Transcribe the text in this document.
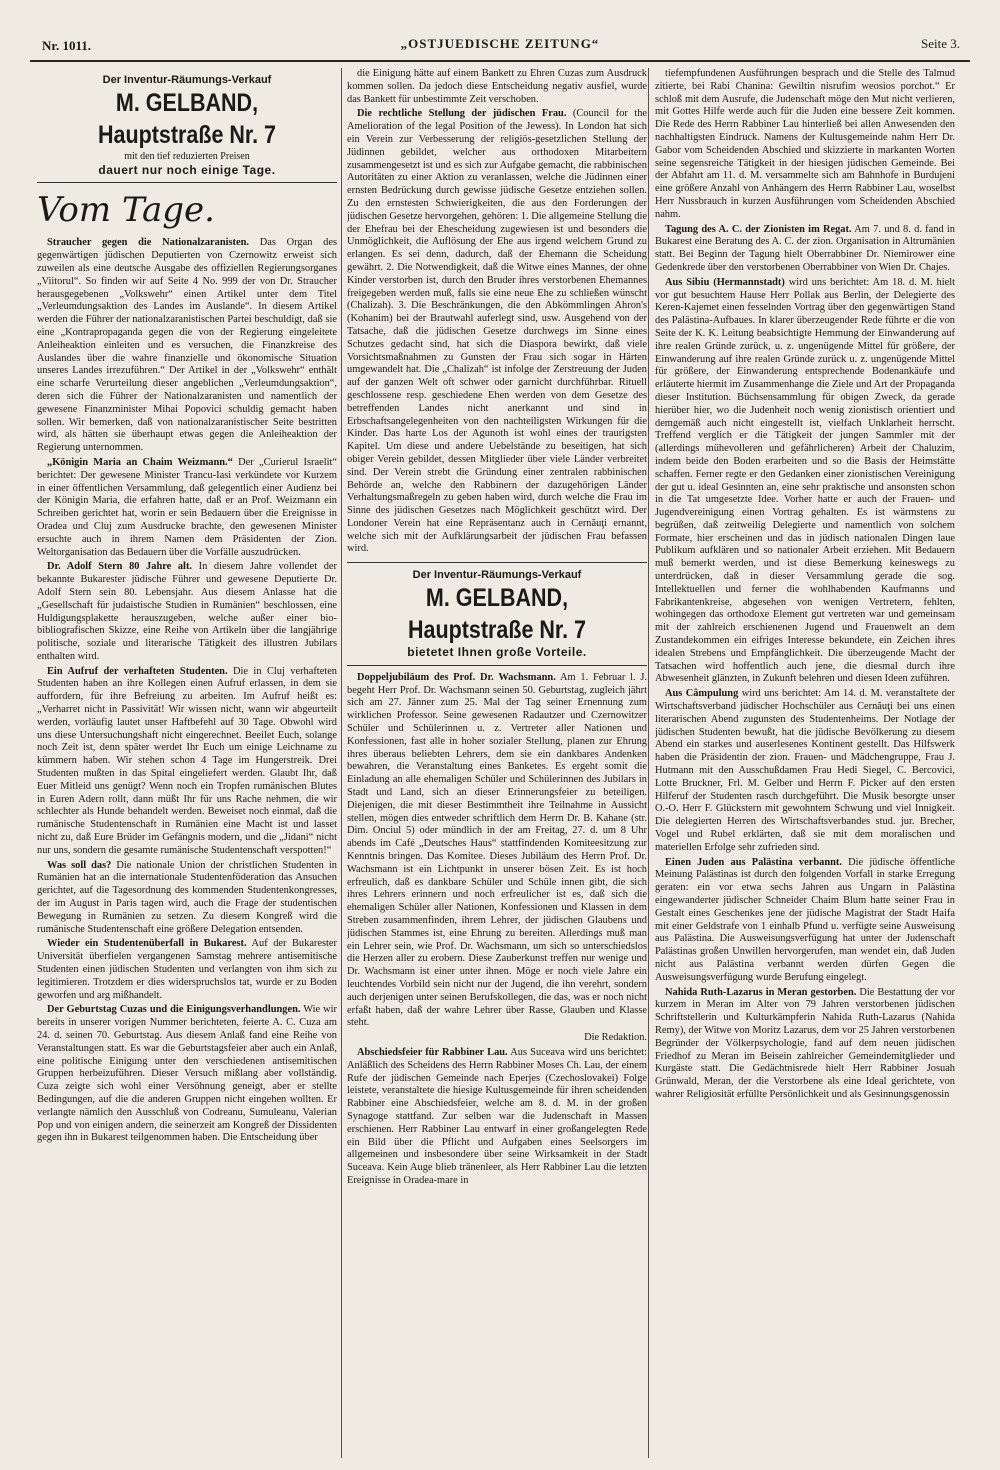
Nr. 1011.	„OSTJUEDISCHE ZEITUNG“	Seite 3.
Der Inventur-Räumungs-Verkauf
M. GELBAND, Hauptstraße Nr. 7
mit den tief reduzierten Preisen
dauert nur noch einige Tage.
Vom Tage.

Straucher gegen die Nationalzaranisten. Das Organ des gegenwärtigen jüdischen Deputierten von Czernowitz erweist sich zuweilen als eine deutsche Ausgabe des offiziellen Regierungsorganes „Viitorul“. So finden wir auf Seite 4 No. 999 der von Dr. Straucher herausgegebenen „Volkswehr“ einen Artikel unter dem Titel „Verleumdungsaktion des Landes im Auslande“. In diesem Artikel werden die Führer der nationalzaranistischen Partei beschuldigt, daß sie eine „Kontrapropaganda gegen die von der Regierung eingeleitete Anleiheaktion einleiten und es versuchen, die Finanzkreise des Auslandes über die wahre finanzielle und ökonomische Situation unseres Landes irrezuführen.“ Der Artikel in der „Volkswehr“ enthält eine scharfe Verurteilung dieser angeblichen „Verleumdungsaktion“, deren sich die Führer der Nationalzaranisten und namentlich der gewesene Finanzminister Mihai Popovici schuldig gemacht haben sollen. Wir bemerken, daß von nationalzaranistischer Seite bestritten wird, als hätten sie überhaupt etwas gegen die Anleiheaktion der Regierung unternommen.

„Königin Maria an Chaim Weizmann.“ Der „Curierul Israelit“ berichtet: Der gewesene Minister Trancu-Iasi verkündete vor Kurzem in einer öffentlichen Versammlung, daß gelegentlich einer Audienz bei der Königin Maria, die erfahren hatte, daß er an Prof. Weizmann ein Schreiben gerichtet hat, worin er sein Bedauern über die Ereignisse in Oradea und Cluj zum Ausdrucke brachte, den gewesenen Minister ersuchte auch in ihrem Namen dem Präsidenten der Zion. Weltorganisation das Bedauern über die Vorfälle auszudrücken.

Dr. Adolf Stern 80 Jahre alt. In diesem Jahre vollendet der bekannte Bukarester jüdische Führer und gewesene Deputierte Dr. Adolf Stern sein 80. Lebensjahr. Aus diesem Anlasse hat die „Gesellschaft für judaistische Studien in Rumänien“ beschlossen, eine Huldigungsplakette herauszugeben, welche außer einer bio-bibliografischen Skizze, eine Reihe von Artikeln über die langjährige politische, soziale und literarische Tätigkeit des illustren Jubilars enthalten wird.

Ein Aufruf der verhafteten Studenten. Die in Cluj verhafteten Studenten haben an ihre Kollegen einen Aufruf erlassen, in dem sie auffordern, für ihre Befreiung zu arbeiten. Im Aufruf heißt es: „Verharret nicht in Passivität! Wir wissen nicht, wann wir abgeurteilt werden, vorläufig lautet unser Haftbefehl auf 30 Tage. Obwohl wird uns diese Untersuchungshaft nicht eingerechnet. Beeilet Euch, solange noch Zeit ist, denn später werdet Ihr Euch um einige Leichname zu kümmern haben. Wir stehen schon 4 Tage im Hungerstreik. Drei Studenten mußten in das Spital eingeliefert werden. Glaubt Ihr, daß Euer Mitleid uns genügt? Wenn noch ein Tropfen rumänischen Blutes in Euren Adern rollt, dann müßt Ihr für uns Rache nehmen, die wir schlechter als Hunde behandelt werden. Beweiset noch einmal, daß die rumänische Studentenschaft in Rumänien eine Macht ist und lasset nicht zu, daß Eure Brüder im Gefängnis modern, und die „Jidani“ nicht nur uns, sondern die gesamte rumänische Studentenschaft verspotten!“

Was soll das? Die nationale Union der christlichen Studenten in Rumänien hat an die internationale Studentenföderation das Ansuchen gerichtet, auf die Tagesordnung des kommenden Studentenkongresses, der im August in Paris tagen wird, auch die Frage der studentischen Bewegung in Rumänien zu setzen. Zu diesem Kongreß wird die rumänische Studentenschaft eine größere Delegation entsenden.

Wieder ein Studentenüberfall in Bukarest. Auf der Bukarester Universität überfielen vergangenen Samstag mehrere antisemitische Studenten einen jüdischen Studenten und verlangten von ihm sich zu legitimieren. Trotzdem er dies widerspruchslos tat, wurde er zu Boden geworfen und arg mißhandelt.

Der Geburtstag Cuzas und die Einigungsverhandlungen. Wie wir bereits in unserer vorigen Nummer berichteten, feierte A. C. Cuza am 24. d. seinen 70. Geburtstag. Aus diesem Anlaß fand eine Reihe von Veranstaltungen statt. Es war die Geburtstagsfeier aber auch ein Anlaß, eine politische Einigung unter den verschiedenen antisemitischen Gruppen herbeizuführen. Dieser Versuch mißlang aber vollständig. Cuza zeigte sich wohl einer Versöhnung geneigt, aber er stellte Bedingungen, auf die die anderen Gruppen nicht eingehen wollten. Er verlangte nämlich den Ausschluß von Codreanu, Sumuleanu, Valerian Pop und von einigen andern, die seinerzeit am Kongreß der Dissidenten gegen ihn in Bukarest teilgenommen haben. Die Entscheidung über

die Einigung hätte auf einem Bankett zu Ehren Cuzas zum Ausdruck kommen sollen. Da jedoch diese Entscheidung negativ ausfiel, wurde das Bankett für unbestimmte Zeit verschoben.

Die rechtliche Stellung der jüdischen Frau. (Council for the Amelioration of the legal Position of the Jewess). In London hat sich ein Verein zur Verbesserung der religiös-gesetzlichen Stellung der Jüdinnen gebildet, welcher aus orthodoxen Mitarbeitern zusammengesetzt ist und es sich zur Aufgabe gemacht, die rabbinischen Autoritäten zu einer Aktion zu veranlassen, welche die Jüdinnen einer ernsten Bedrückung durch gewisse jüdische Gesetze entziehen sollen. Zu den ernstesten Schwierigkeiten, die aus den Forderungen der jüdischen Gesetze hervorgehen, gehören: 1. Die allgemeine Stellung die der Ehefrau bei der Ehescheidung zugewiesen ist und besonders die Unmöglichkeit, die Auflösung der Ehe aus irgend welchem Grund zu erlangen. Es sei denn, dadurch, daß der Ehemann die Scheidung gewährt. 2. Die Notwendigkeit, daß die Witwe eines Mannes, der ohne Kinder verstorben ist, durch den Bruder ihres verstorbenen Ehemannes freigegeben werden muß, falls sie eine neue Ehe zu schließen wünscht (Chalizah). 3. Die Beschränkungen, die den Abkömmlingen Ahron's (Kohanim) bei der Brautwahl auferlegt sind, usw. Ausgehend von der Tatsache, daß die jüdischen Gesetze durchwegs im Sinne eines Schutzes gedacht sind, hat sich die Diaspora bewirkt, daß viele Vorsichtsmaßnahmen zu Gunsten der Frau sich sogar in Härten umgewandelt hat. Die „Chalizah“ ist infolge der Zerstreuung der Juden auf der ganzen Welt oft schwer oder garnicht durchführbar. Rituell geschlossene resp. geschiedene Ehen werden von dem Gesetze des betreffenden Landes nicht anerkannt und sind in Erbschaftsangelegenheiten von den nachteiligsten Wirkungen für die Kinder. Das harte Los der Agunoth ist wohl eines der traurigsten Kapitel. Um diese und andere Uebelstände zu beseitigen, hat sich obiger Verein gebildet, dessen Mitglieder über viele Länder verbreitet sind. Der Verein strebt die Gründung einer zentralen rabbinischen Behörde an, welche den Rabbinern der dazugehörigen Länder Verhaltungsmaßregeln zu geben haben wird, durch welche die Frau im Sinne des jüdischen Gesetzes nach Möglichkeit geschützt wird. Der Londoner Verein hat eine Repräsentanz auch in Cernăuţi ernannt, welche sich mit der Aufklärungsarbeit der jüdischen Frau befassen wird.

Der Inventur-Räumungs-Verkauf
M. GELBAND, Hauptstraße Nr. 7
bietetet Ihnen große Vorteile.

Doppeljubiläum des Prof. Dr. Wachsmann. Am 1. Februar l. J. begeht Herr Prof. Dr. Wachsmann seinen 50. Geburtstag, zugleich jährt sich am 27. Jänner zum 25. Mal der Tag seiner Ernennung zum wirklichen Professor. Seine gewesenen Radautzer und Czernowitzer Schüler und Schülerinnen u. z. Vertreter aller Nationen und Konfessionen, fast alle in hoher sozialer Stellung, planen zur Ehrung ihres überaus beliebten Lehrers, dem sie ein dankbares Andenken bewahren, die Veranstaltung eines Banketes. Es ergeht somit die Einladung an alle ehemaligen Schüler und Schülerinnen des Jubilars in Stadt und Land, sich an dieser Erinnerungsfeier zu beteiligen. Diejenigen, die mit dieser Bestimmtheit ihre Teilnahme in Aussicht stellen, mögen dies entweder schriftlich dem Herrn Dr. B. Kahane (str. Dim. Onciul 5) oder mündlich in der am Freitag, 27. d. um 8 Uhr abends im Café „Deutsches Haus“ stattfindenden Komiteesitzung zur Kenntnis bringen. Das Komitee. Dieses Jubiläum des Herrn Prof. Dr. Wachsmann ist ein Lichtpunkt in unserer bösen Zeit. Es ist hoch erfreulich, daß es dankbare Schüler und Schüle innen gibt, die sich ihres Lehrers erinnern und noch erfreulicher ist es, daß sich die ehemaligen Schüler aller Nationen, Konfessionen und Klassen in dem Streben zusammenfinden, ihrem Lehrer, der jüdischen Glaubens und jüdischen Stammes ist, eine Ehrung zu bereiten. Allerdings muß man ein Lehrer sein, wie Prof. Dr. Wachsmann, um sich so unterschiedslos die Herzen aller zu erobern. Diese Zauberkunst treffen nur wenige und Dr. Wachsmann ist einer unter ihnen. Möge er noch viele Jahre ein leuchtendes Vorbild sein nicht nur der Jugend, die ihn verehrt, sondern auch derjenigen unter seinen Berufskollegen, die das, was er noch nicht erfaßt haben, daß der wahre Lehrer über Rasse, Glauben und Klasse steht.

Die Redaktion.

Abschiedsfeier für Rabbiner Lau. Aus Suceava wird uns berichtet: Anläßlich des Scheidens des Herrn Rabbiner Moses Ch. Lau, der einem Rufe der jüdischen Gemeinde nach Eperjes (Czechoslovakei) Folge leistete, veranstaltete die hiesige Kultusgemeinde für ihren scheidenden Rabbiner eine Abschiedsfeier, welche am 8. d. M. in der großen Synagoge stattfand. Zur selben war die Judenschaft in Massen erschienen. Herr Rabbiner Lau entwarf in einer großangelegten Rede ein Bild über die Pflicht und Aufgaben eines Seelsorgers im allgemeinen und insbesondere über seine Wirksamkeit in der Stadt Suceava. Kein Auge blieb tränenleer, als Herr Rabbiner Lau die letzten Ereignisse in Oradea-mare in

tiefempfundenen Ausführungen besprach und die Stelle des Talmud zitierte, bei Rabi Chanina: Gewiltin nisrufim weosios porchot.“ Er schloß mit dem Ausrufe, die Judenschaft möge den Mut nicht verlieren, mit Gottes Hilfe werde auch für die Juden eine bessere Zeit kommen. Die Rede des Herrn Rabbiner Lau hinterließ bei allen Anwesenden den nachhaltigsten Eindruck. Namens der Kultusgemeinde nahm Herr Dr. Gabor vom Scheidenden Abschied und skizzierte in markanten Worten seine segensreiche Tätigkeit in der hiesigen jüdischen Gemeinde. Bei der Abfahrt am 11. d. M. versammelte sich am Bahnhofe in Burdujeni eine größere Anzahl von Anhängern des Herrn Rabbiner Lau, woselbst Herr Nussbrauch in kurzen Ausführungen vom Scheidenden Abschied nahm.

Tagung des A. C. der Zionisten im Regat. Am 7. und 8. d. fand in Bukarest eine Beratung des A. C. der zion. Organisation in Altrumänien statt. Bei Beginn der Tagung hielt Oberrabbiner Dr. Niemirower eine Gedenkrede über den verstorbenen Oberrabbiner von Wien Dr. Chajes.

Aus Sibiu (Hermannstadt) wird uns berichtet: Am 18. d. M. hielt vor gut besuchtem Hause Herr Pollak aus Berlin, der Delegierte des Keren-Kajemet einen fesselnden Vortrag über den gegenwärtigen Stand des Palästina-Aufbaues. In klarer überzeugender Rede führte er die von Seite der K. K. Leitung beabsichtigte Hemmung der Einwanderung auf ihre realen Gründe zurück, u. z. ungenügende Mittel für größere, der Einwanderung auf ihre realen Gründe zurück u. z. ungenügende Mittel für größere, der Einwanderung entsprechende Bodenankäufe und erläuterte hiermit im Zusammenhange die Ziele und Art der Propaganda dieser Institution. Büchsensammlung für obigen Zweck, da gerade hierüber hier, wo die Judenheit noch wenig zionistisch orientiert und demgemäß auch nicht eingestellt ist, vielfach Unklarheit herrscht. Treffend verglich er die Tätigkeit der jungen Sammler mit der (allerdings mühevolleren und gefährlicheren) Arbeit der Chaluzim, indem beide den Boden erarbeiten und so die Basis der Heimstätte schaffen. Ferner regte er den Gedanken einer zionistischen Vereinigung der gut u. ideal Gesinnten an, eine sehr praktische und ansonsten schon in die Tat umgesetzte Idee. Vorher hatte er auch der Frauen- und Jugendvereinigung einen Vortrag gehalten. Es ist wärmstens zu begrüßen, daß zeitweilig Delegierte und namentlich von solchem Formate, hier erscheinen und das in jüdisch nationalen Dingen laue Publikum aufklären und so nationaler Arbeit erziehen. Mit Bedauern muß bemerkt werden, und ist diese Bemerkung keineswegs zu unterdrücken, daß in dieser Versammlung gerade die sog. Intellektuellen und ferner die wohlhabenden Kaufmanns und Fabrikantenkreise, abgesehen von wenigen Vertretern, fehlten, wohingegen das orthodoxe Element gut vertreten war und gemeinsam mit der zahlreich erschienenen Jugend und Frauenwelt an dem Zustandekommen ein eifriges Interesse bekundete, ein Zeichen ihres idealen Strebens und Empfänglichkeit. Die überzeugende Macht der Tatsachen wird hoffentlich auch jene, die diesmal durch ihre Abwesenheit glänzten, in Zukunft belehren und diesen Ideen zuführen.

Aus Câmpulung wird uns berichtet: Am 14. d. M. veranstaltete der Wirtschaftsverband jüdischer Hochschüler aus Cernăuţi bei uns einen literarischen Abend zugunsten des Studentenheims. Der Notlage der jüdischen Studenten bewußt, hat die jüdische Bevölkerung zu diesem Abend ein starkes und auserlesenes Kontinent gestellt. Das Hilfswerk haben die Präsidentin der zion. Frauen- und Mädchengruppe, Frau J. Hutmann mit den Ausschußdamen Frau Hedi Siegel, C. Bercovici, Lotte Bruckner, Frl. M. Gelber und Herrn F. Picker auf den ersten Hilferuf der Studenten rasch durchgeführt. Die Musik besorgte unser O.-O. Herr F. Glückstern mit gewohntem Schwung und viel Innigkeit. Die delegierten Herren des Wirtschaftsverbandes stud. jur. Brecher, Vogel und Rubel erklärten, daß sie mit dem moralischen und materiellen Erfolge sehr zufrieden sind.

Einen Juden aus Palästina verbannt. Die jüdische öffentliche Meinung Palästinas ist durch den folgenden Vorfall in starke Erregung geraten: ein vor etwa sechs Jahren aus Ungarn in Palästina eingewanderter jüdischer Schneider Chaim Blum hatte seiner Frau in Gestalt eines Geschenkes jene der jüdische Magistrat der Stadt Haifa mit einer Geldstrafe von 1 einhalb Pfund u. verfügte seine Ausweisung aus Palästina. Die Ausweisungsverfügung hat unter der Judenschaft Palästinas großen Unwillen hervorgerufen, man wendet ein, daß Juden nicht aus Palästina verbannt werden dürfen Gegen die Ausweisungsverfügung wurde Berufung eingelegt.

Nahida Ruth-Lazarus in Meran gestorben. Die Bestattung der vor kurzem in Meran im Alter von 79 Jahren verstorbenen jüdischen Schriftstellerin und Kulturkämpferin Nahida Ruth-Lazarus (Nahida Remy), der Witwe von Moritz Lazarus, dem vor 25 Jahren verstorbenen Begründer der Völkerpsychologie, fand auf dem neuen jüdischen Friedhof zu Meran im Beisein zahlreicher Gemeindemitglieder und Kurgäste statt. Die Gedächtnisrede hielt Herr Rabbiner Josuah Grünwald, Meran, der die Verstorbene als eine Ideal gerichtete, von wahrer Religiosität erfüllte Persönlichkeit und als Gesinnungsgenossin
